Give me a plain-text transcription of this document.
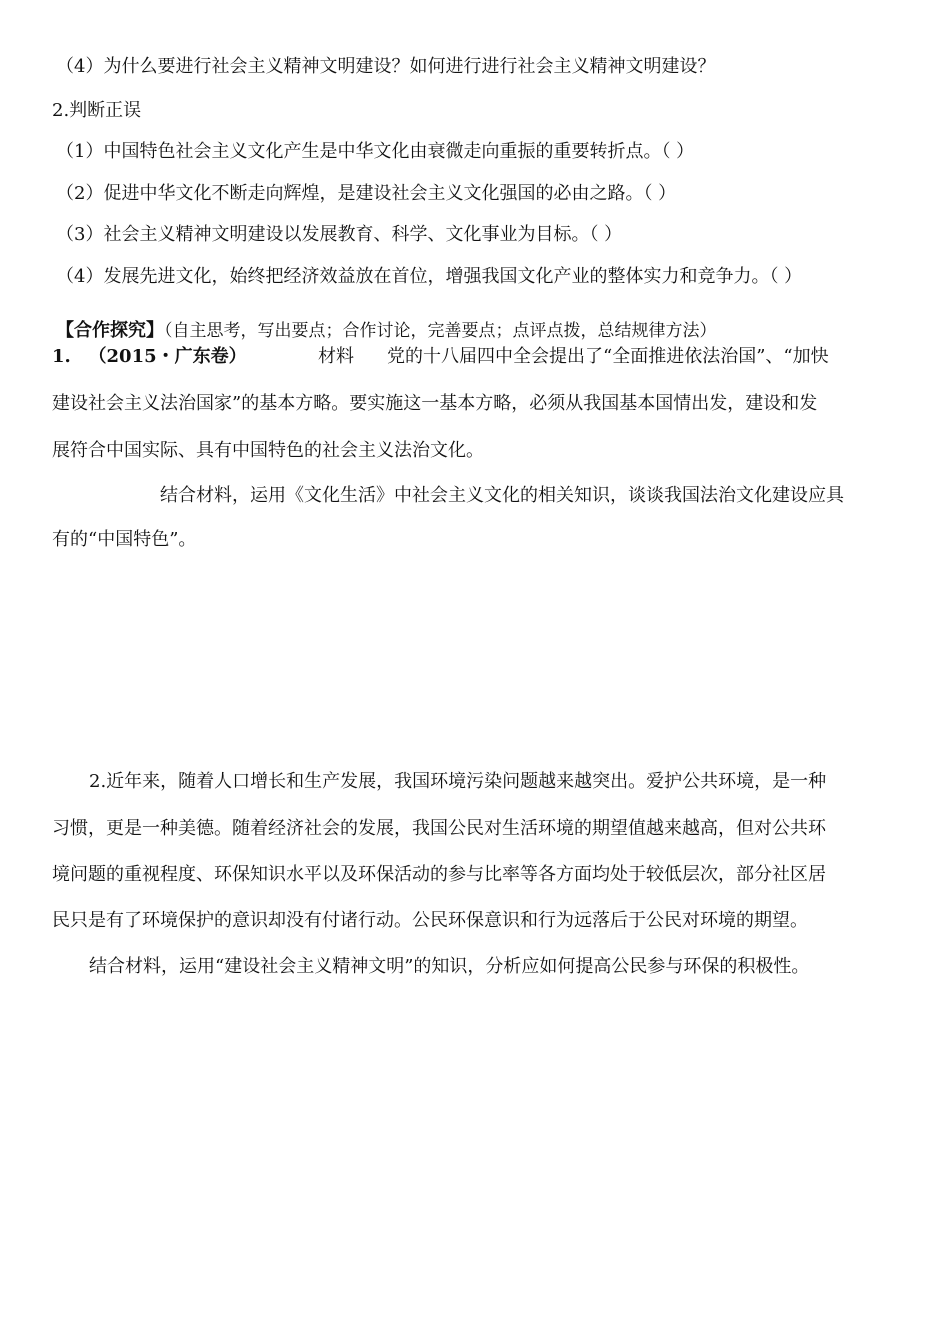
（4）为什么要进行社会主义精神文明建设？如何进行进行社会主义精神文明建设？
2.判断正误
（1）中国特色社会主义文化产生是中华文化由衰微走向重振的重要转折点。（ ）
（2）促进中华文化不断走向辉煌，是建设社会主义文化强国的必由之路。（ ）
（3）社会主义精神文明建设以发展教育、科学、文化事业为目标。（ ）
（4）发展先进文化，始终把经济效益放在首位，增强我国文化产业的整体实力和竞争力。（ ）
【合作探究】（自主思考，写出要点；合作讨论，完善要点；点评点拨，总结规律方法）
1. （2015・广东卷）	材料 党的十八届四中全会提出了“全面推进依法治国”、“加快
建设社会主义法治国家”的基本方略。要实施这一基本方略，必须从我国基本国情出发，建设和发
展符合中国实际、具有中国特色的社会主义法治文化。
结合材料，运用《文化生活》中社会主义文化的相关知识，谈谈我国法治文化建设应具
有的“中国特色”。
2.近年来，随着人口增长和生产发展，我国环境污染问题越来越突出。爱护公共环境，是一种
习惯，更是一种美德。随着经济社会的发展，我国公民对生活环境的期望值越来越高，但对公共环
境问题的重视程度、环保知识水平以及环保活动的参与比率等各方面均处于较低层次，部分社区居
民只是有了环境保护的意识却没有付诸行动。公民环保意识和行为远落后于公民对环境的期望。
结合材料，运用“建设社会主义精神文明”的知识，分析应如何提高公民参与环保的积极性。
